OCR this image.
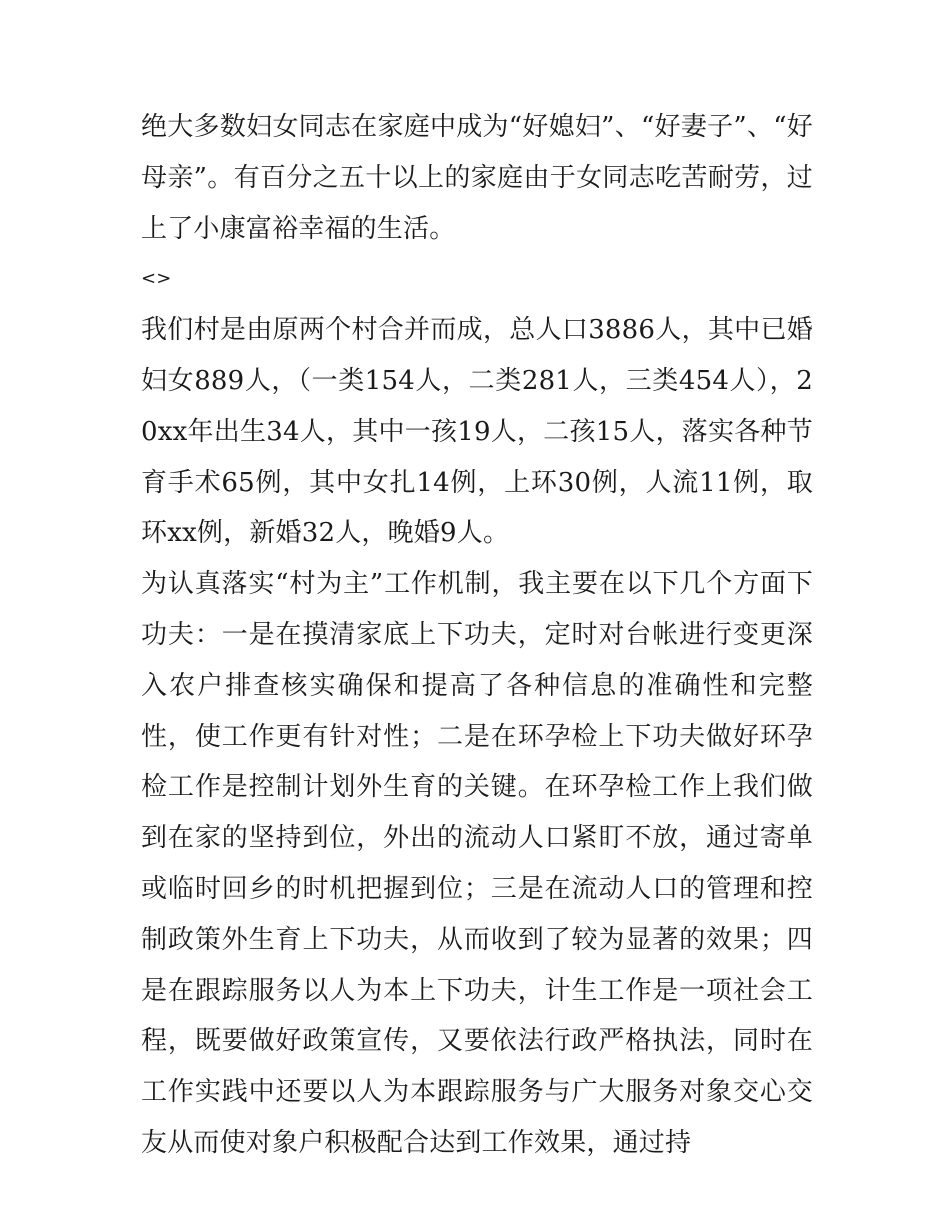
绝大多数妇女同志在家庭中成为“好媳妇”、“好妻子”、“好母亲”。有百分之五十以上的家庭由于女同志吃苦耐劳，过上了小康富裕幸福的生活。

<>

我们村是由原两个村合并而成，总人口3886人，其中已婚妇女889人，（一类154人，二类281人，三类454人），20xx年出生34人，其中一孩19人，二孩15人，落实各种节育手术65例，其中女扎14例，上环30例，人流11例，取环xx例，新婚32人，晚婚9人。

为认真落实“村为主”工作机制，我主要在以下几个方面下功夫：一是在摸清家底上下功夫，定时对台帐进行变更深入农户排查核实确保和提高了各种信息的准确性和完整性，使工作更有针对性；二是在环孕检上下功夫做好环孕检工作是控制计划外生育的关键。在环孕检工作上我们做到在家的坚持到位，外出的流动人口紧盯不放，通过寄单或临时回乡的时机把握到位；三是在流动人口的管理和控制政策外生育上下功夫，从而收到了较为显著的效果；四是在跟踪服务以人为本上下功夫，计生工作是一项社会工程，既要做好政策宣传，又要依法行政严格执法，同时在工作实践中还要以人为本跟踪服务与广大服务对象交心交友从而使对象户积极配合达到工作效果，通过持
